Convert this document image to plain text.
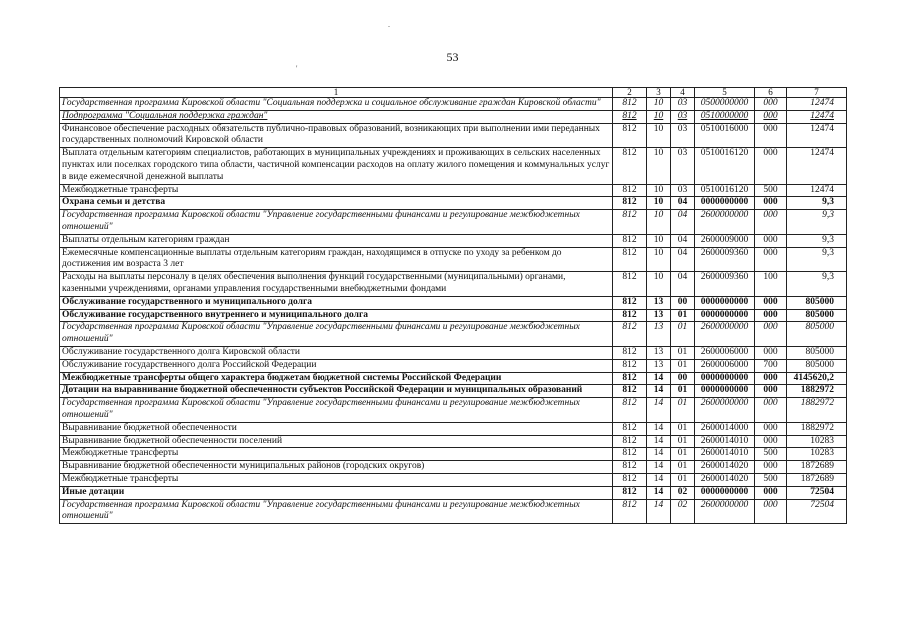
53
'
.
1	2	3	4	5	6	7
Государственная программа Кировской области "Социальная поддержка и социальное обслуживание граждан Кировской области"	812	10	03	0500000000	000	12474
Подпрограмма "Социальная поддержка граждан"	812	10	03	0510000000	000	12474
Финансовое обеспечение расходных обязательств публично-правовых образований, возникающих при выполнении ими переданных государственных полномочий Кировской области	812	10	03	0510016000	000	12474
Выплата отдельным категориям специалистов, работающих в муниципальных учреждениях и проживающих в сельских населенных пунктах или поселках городского типа области, частичной компенсации расходов на оплату жилого помещения и коммунальных услуг в виде ежемесячной денежной выплаты	812	10	03	0510016120	000	12474
Межбюджетные трансферты	812	10	03	0510016120	500	12474
Охрана семьи и детства	812	10	04	0000000000	000	9,3
Государственная программа Кировской области "Управление государственными финансами и регулирование межбюджетных отношений"	812	10	04	2600000000	000	9,3
Выплаты отдельным категориям граждан	812	10	04	2600009000	000	9,3
Ежемесячные компенсационные выплаты отдельным категориям граждан, находящимся в отпуске по уходу за ребенком до достижения им возраста 3 лет	812	10	04	2600009360	000	9,3
Расходы на выплаты персоналу в целях обеспечения выполнения функций государственными (муниципальными) органами, казенными учреждениями, органами управления государственными внебюджетными фондами	812	10	04	2600009360	100	9,3
Обслуживание государственного и муниципального долга	812	13	00	0000000000	000	805000
Обслуживание государственного внутреннего и муниципального долга	812	13	01	0000000000	000	805000
Государственная программа Кировской области "Управление государственными финансами и регулирование межбюджетных отношений"	812	13	01	2600000000	000	805000
Обслуживание государственного долга Кировской области	812	13	01	2600006000	000	805000
Обслуживание государственного долга Российской Федерации	812	13	01	2600006000	700	805000
Межбюджетные трансферты общего характера бюджетам бюджетной системы Российской Федерации	812	14	00	0000000000	000	4145620,2
Дотации на выравнивание бюджетной обеспеченности субъектов Российской Федерации и муниципальных образований	812	14	01	0000000000	000	1882972
Государственная программа Кировской области "Управление государственными финансами и регулирование межбюджетных отношений"	812	14	01	2600000000	000	1882972
Выравнивание бюджетной обеспеченности	812	14	01	2600014000	000	1882972
Выравнивание бюджетной обеспеченности поселений	812	14	01	2600014010	000	10283
Межбюджетные трансферты	812	14	01	2600014010	500	10283
Выравнивание бюджетной обеспеченности муниципальных районов (городских округов)	812	14	01	2600014020	000	1872689
Межбюджетные трансферты	812	14	01	2600014020	500	1872689
Иные дотации	812	14	02	0000000000	000	72504
Государственная программа Кировской области "Управление государственными финансами и регулирование межбюджетных отношений"	812	14	02	2600000000	000	72504
